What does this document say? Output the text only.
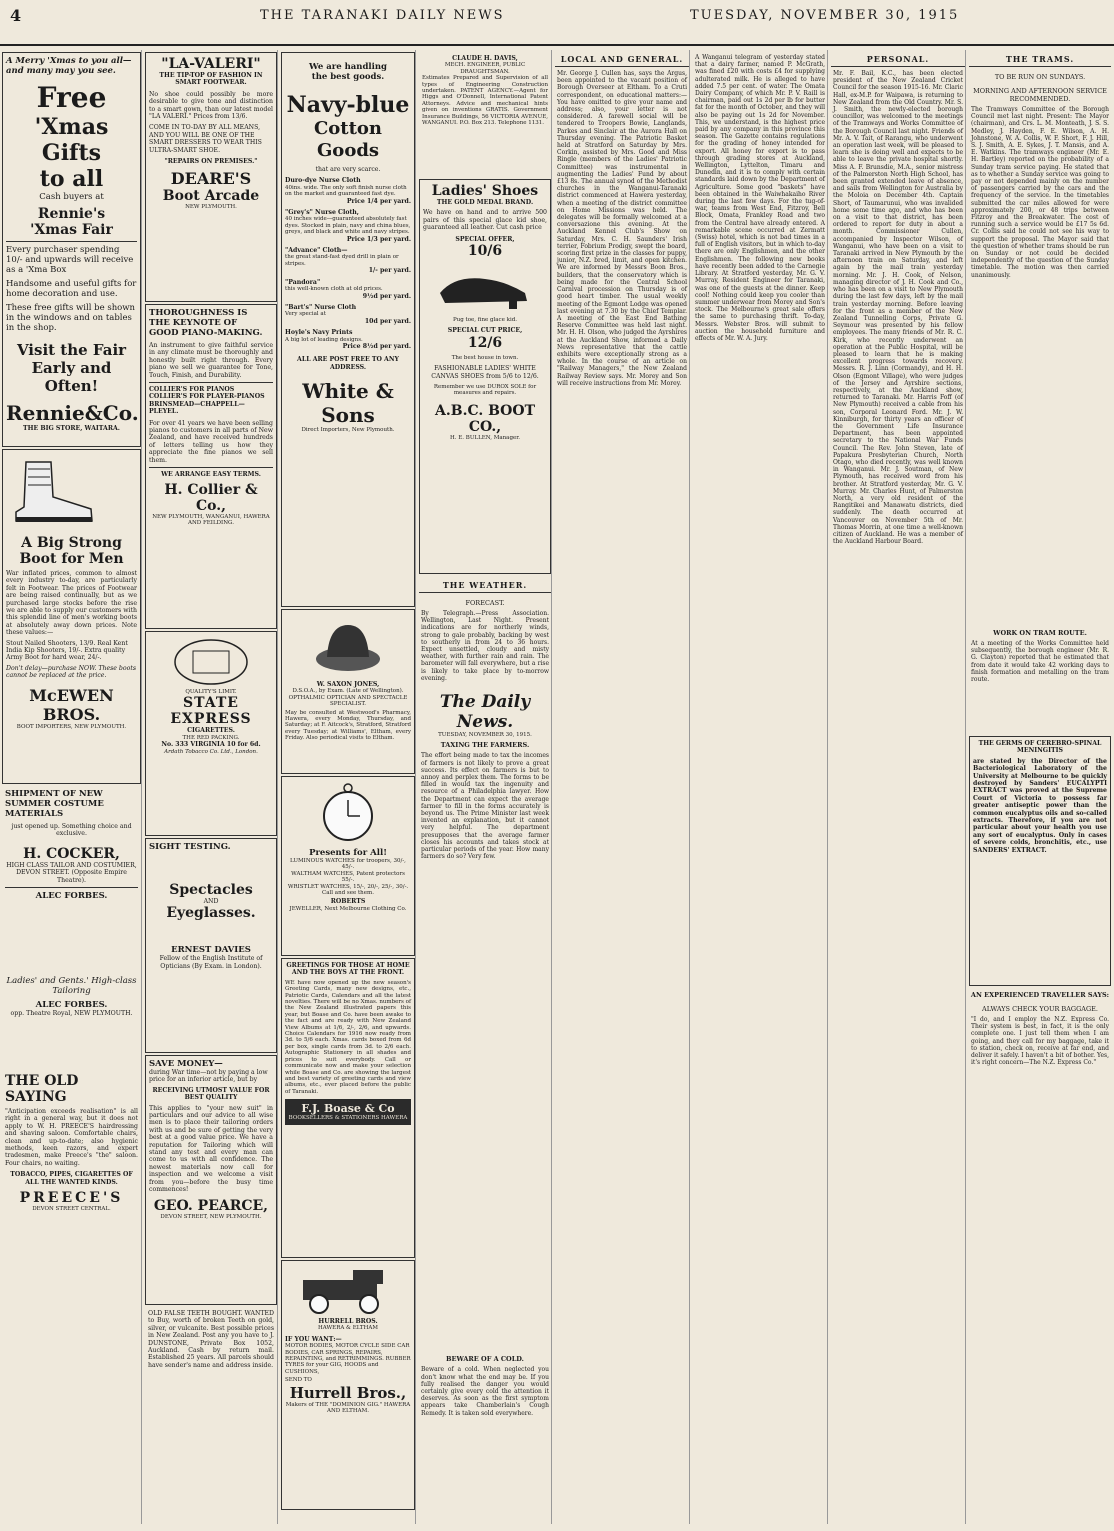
4	THE TARANAKI DAILY NEWS	TUESDAY, NOVEMBER 30, 1915
A Merry 'Xmas to you all—and many may you see.
Free
'Xmas Gifts
to all
Cash buyers at
Rennie's
'Xmas Fair
Every purchaser spending 10/- and upwards will receive as a 'Xma Box
Handsome and useful gifts for home decoration and use.
These free gifts will be shown in the windows and on tables in the shop.
Visit the Fair Early and Often!
Rennie&Co.
THE BIG STORE, WAITARA.
A Big Strong Boot for Men
War inflated prices, common to almost every industry to-day, are particularly felt in Footwear. The prices of Footwear are being raised continually, but as we purchased large stocks before the rise we are able to supply our customers with this splendid line of men's working boots at absolutely away down prices. Note these values:—
Stout Nailed Shooters, 13/9. Real Kent India Kip Shooters, 19/-. Extra quality Army Boot for hard wear, 24/-.
Don't delay—purchase NOW. These boots cannot be replaced at the price.
McEWEN BROS.
BOOT IMPORTERS, NEW PLYMOUTH.
SHIPMENT OF NEW SUMMER COSTUME MATERIALS
just opened up. Something choice and exclusive.
H. COCKER,
HIGH CLASS TAILOR AND COSTUMIER, DEVON STREET. (Opposite Empire Theatre).
ALEC FORBES.
Ladies' and Gents.' High-class Tailoring
ALEC FORBES.
opp. Theatre Royal, NEW PLYMOUTH.
THE OLD SAYING
"Anticipation exceeds realisation" is all right in a general way, but it does not apply to W. H. PREECE'S hairdressing and shaving saloon. Comfortable chairs, clean and up-to-date; also hygienic methods, keen razors, and expert tradesmen, make Preece's "the" saloon. Four chairs, no waiting.
TOBACCO, PIPES, CIGARETTES OF ALL THE WANTED KINDS.
PREECE'S
DEVON STREET CENTRAL.
"LA-VALERI"
THE TIP-TOP OF FASHION IN SMART FOOTWEAR.
No shoe could possibly be more desirable to give tone and distinction to a smart gown, than our latest model "LA VALERI." Prices from 13/6.
COME IN TO-DAY BY ALL MEANS, AND YOU WILL BE ONE OF THE SMART DRESSERS TO WEAR THIS ULTRA-SMART SHOE.
"REPAIRS ON PREMISES."
DEARE'S
Boot Arcade
NEW PLYMOUTH.
THOROUGHNESS IS
THE KEYNOTE OF
GOOD PIANO-MAKING.
An instrument to give faithful service in any climate must be thoroughly and honestly built right through. Every piano we sell we guarantee for Tone, Touch, Finish, and Durability.
COLLIER'S FOR PIANOS
COLLIER'S FOR PLAYER-PIANOS
BRINSMEAD—CHAPPELL—PLEYEL.
For over 41 years we have been selling pianos to customers in all parts of New Zealand, and have received hundreds of letters telling us how they appreciate the fine pianos we sell them.
WE ARRANGE EASY TERMS.
H. Collier & Co.,
NEW PLYMOUTH, WANGANUI, HAWERA AND FEILDING.
QUALITY'S LIMIT.
STATE EXPRESS
CIGARETTES.
THE RED PACKING.
No. 333 VIRGINIA 10 for 6d.
Ardath Tobacco Co. Ltd., London.
SIGHT TESTING.
Spectacles
AND
Eyeglasses.
ERNEST DAVIES
Fellow of the English Institute of Opticians (By Exam. in London).
SAVE MONEY—
during War time—not by paying a low price for an inferior article, but by
RECEIVING UTMOST VALUE FOR BEST QUALITY
This applies to "your new suit" in particulars and our advice to all wise men is to place their tailoring orders with us and be sure of getting the very best at a good value price. We have a reputation for Tailoring which will stand any test and every man can come to us with all confidence. The newest materials now call for inspection and we welcome a visit from you—before the busy time commences!
GEO. PEARCE,
DEVON STREET, NEW PLYMOUTH.
OLD FALSE TEETH BOUGHT. WANTED to Buy, worth of broken Teeth on gold, silver, or vulcanite. Best possible prices in New Zealand. Post any you have to J. DUNSTONE, Private Box 1052, Auckland. Cash by return mail. Established 25 years. All parcels should have sender's name and address inside.
We are handling
the best goods.
Navy-blue
Cotton Goods
that are very scarce.
Duro-dye Nurse Cloth
40ins. wide. The only soft finish nurse cloth on the market and guaranteed fast dye.
Price 1/4 per yard.
"Grey's" Nurse Cloth,
40 inches wide—guaranteed absolutely fast dyes. Stocked in plain, navy and china blues, greys, and black and white and navy stripes.
Price 1/3 per yard.
"Advance" Cloth—
the great stand-fast dyed drill in plain or stripes.
1/- per yard.
"Pandora"
this well-known cloth at old prices.
9½d per yard.
"Bart's" Nurse Cloth
Very special at
10d per yard.
Hoyle's Navy Prints
A big lot of leading designs.
Price 8½d per yard.
ALL ARE POST FREE TO ANY ADDRESS.
White & Sons
Direct Importers, New Plymouth.
W. SAXON JONES,
D.S.O.A., by Exam. (Late of Wellington). OPTHALMIC OPTICIAN AND SPECTACLE SPECIALIST.
May be consulted at Westwood's Pharmacy, Hawera, every Monday, Thursday, and Saturday; at F. Aitcock's, Stratford, Stratford every Tuesday; at Williams', Eltham, every Friday. Also periodical visits to Eltham.
Presents for All!
LUMINOUS WATCHES for troopers, 30/-, 45/-.
WALTHAM WATCHES, Patent protectors 55/-.
WRISTLET WATCHES, 15/-, 20/-, 25/-, 30/-.
Call and see them.
ROBERTS
JEWELLER, Next Melbourne Clothing Co.
GREETINGS FOR THOSE AT HOME AND THE BOYS AT THE FRONT.
WE have now opened up the new season's Greeting Cards, many new designs, etc., Patriotic Cards, Calendars and all the latest novelties. There will be no Xmas. numbers of the New Zealand illustrated papers this year, but Boase and Co. have been awake to the fact and are ready with New Zealand View Albums at 1/6, 2/-, 2/6, and upwards. Choice Calendars for 1916 now ready from 3d. to 5/6 each. Xmas. cards boxed from 6d per box, single cards from 3d. to 2/6 each. Autographic Stationery in all shades and prices to suit everybody. Call or communicate now and make your selection while Boase and Co. are showing the largest and best variety of greeting cards and view albums, etc., ever placed before the public of Taranaki.
F.J. Boase & Co
BOOKSELLERS & STATIONERS HAWERA
HURRELL BROS.
HAWERA & ELTHAM
IF YOU WANT:—
MOTOR BODIES, MOTOR CYCLE SIDE CAR BODIES, CAR SPRINGS, REPAIRS, REPAINTING, and RETRIMMINGS. RUBBER TYRES for your GIG, HOODS and CUSHIONS,
SEND TO
Hurrell Bros.,
Makers of THE "DOMINION GIG." HAWERA AND ELTHAM.
CLAUDE H. DAVIS,
MECH. ENGINEER, PUBLIC DRAUGHTSMAN.
Estimates Prepared and Supervision of all types of Engineering Construction undertaken. PATENT AGENCY.—Agent for Higgs and O'Donnell, International Patent Attorneys. Advice and mechanical hints given on inventions GRATIS. Government Insurance Buildings, 56 VICTORIA AVENUE, WANGANUI. P.O. Box 213. Telephone 1131.
Ladies' Shoes
THE GOLD MEDAL BRAND.
We have on hand and to arrive 500 pairs of this special glace kid shoe, guaranteed all leather. Cut cash price
SPECIAL OFFER,
10/6
Pug toe, fine glace kid.
SPECIAL CUT PRICE,
12/6
The best house in town.
FASHIONABLE LADIES' WHITE CANVAS SHOES from 5/6 to 12/6.
Remember we use DUROX SOLE for measures and repairs.
A.B.C. BOOT CO.,
H. E. BULLEN, Manager.
THE WEATHER.
FORECAST.
By Telegraph.—Press Association. Wellington, Last Night. Present indications are for northerly winds, strong to gale probably, backing by west to southerly in from 24 to 36 hours. Expect unsettled, cloudy and misty weather, with further rain and rain. The barometer will fall everywhere, but a rise is likely to take place by to-morrow evening.
The Daily News.
TUESDAY, NOVEMBER 30, 1915.
TAXING THE FARMERS.
The effort being made to tax the incomes of farmers is not likely to prove a great success. Its effect on farmers is but to annoy and perplex them. The forms to be filled in would tax the ingenuity and resource of a Philadelphia lawyer. How the Department can expect the average farmer to fill in the forms accurately is beyond us. The Prime Minister last week invented an explanation, but it cannot very helpful. The department presupposes that the average farmer closes his accounts and takes stock at particular periods of the year. How many farmers do so? Very few.
BEWARE OF A COLD.
Beware of a cold. When neglected you don't know what the end may be. If you fully realised the danger you would certainly give every cold the attention it deserves. As soon as the first symptom appears take Chamberlain's Cough Remedy. It is taken sold everywhere.
LOCAL AND GENERAL.
Mr. George J. Cullen has, says the Argus, been appointed to the vacant position of Borough Overseer at Eltham. To a Cruti correspondent, on educational matters:—You have omitted to give your name and address; also, your letter is not considered. A farewell social will be tendered to Troopers Bowie, Langlands, Parkes and Sinclair at the Aurora Hall on Thursday evening. The Patriotic Basket held at Stratford on Saturday by Mrs. Corkin, assisted by Mrs. Good and Miss Ringle (members of the Ladies' Patriotic Committee) was instrumental in augmenting the Ladies' Fund by about £13 8s. The annual synod of the Methodist churches in the Wanganui-Taranaki district commenced at Hawera yesterday, when a meeting of the district committee on Home Missions was held. The delegates will be formally welcomed at a conversazione this evening. At the Auckland Kennel Club's Show on Saturday, Mrs. C. H. Saunders' Irish terrier, Fobrium Prodigy, swept the board, scoring first prize in the classes for puppy, junior, N.Z. bred, limit, and open kitchen. We are informed by Messrs Boon Bros., builders, that the conservatory which is being made for the Central School Carnival procession on Thursday is of good heart timber. The usual weekly meeting of the Egmont Lodge was opened last evening at 7.30 by the Chief Templar. A meeting of the East End Bathing Reserve Committee was held last night. Mr. H. H. Olson, who judged the Ayrshires at the Auckland Show, informed a Daily News representative that the cattle exhibits were exceptionally strong as a whole. In the course of an article on "Railway Managers," the New Zealand Railway Review says. Mr. Morey and Son will receive instructions from Mr. Morey.
A Wanganui telegram of yesterday stated that a dairy farmer, named P. McGrath, was fined £20 with costs £4 for supplying adulterated milk. He is alleged to have added 7.5 per cent. of water. The Omata Dairy Company, of which Mr. P. V. Raill is chairman, paid out 1s 2d per lb for butter fat for the month of October, and they will also be paying out 1s 2d for November. This, we understand, is the highest price paid by any company in this province this season. The Gazette contains regulations for the grading of honey intended for export. All honey for export is to pass through grading stores at Auckland, Wellington, Lyttelton, Timaru and Dunedin, and it is to comply with certain standards laid down by the Department of Agriculture. Some good "baskets" have been obtained in the Waiwhakaiho River during the last few days. For the tug-of-war, teams from West End, Fitzroy, Bell Block, Omata, Frankley Road and two from the Central have already entered. A remarkable scene occurred at Zermatt (Swiss) hotel, which is not bad times in a full of English visitors, but in which to-day there are only Englishmen, and the other Englishmen. The following new books have recently been added to the Carnegie Library. At Stratford yesterday, Mr. G. V. Murray, Resident Engineer for Taranaki, was one of the guests at the dinner. Keep cool! Nothing could keep you cooler than summer underwear from Morey and Son's stock. The Melbourne's great sale offers the same to purchasing thrift. To-day, Messrs. Webster Bros. will submit to auction the household furniture and effects of Mr. W. A. Jury.
PERSONAL.
Mr. F. Bail, K.C., has been elected president of the New Zealand Cricket Council for the season 1915-16. Mr. Claric Hall, ex-M.P. for Waipawa, is returning to New Zealand from the Old Country. Mr. S. J. Smith, the newly-elected borough councillor, was welcomed to the meetings of the Tramways and Works Committee of the Borough Council last night. Friends of Mr. A. V. Tait, of Rarangu, who underwent an operation last week, will be pleased to learn she is doing well and expects to be able to leave the private hospital shortly. Miss A. F. Brunsdie, M.A., senior mistress of the Palmerston North High School, has been granted extended leave of absence, and sails from Wellington for Australia by the Moloia on December 4th. Captain Short, of Taumarunui, who was invalided home some time ago, and who has been on a visit to that district, has been ordered to report for duty in about a month. Commissioner Cullen, accompanied by Inspector Wilson, of Wanganui, who have been on a visit to Taranaki arrived in New Plymouth by the afternoon train on Saturday, and left again by the mail train yesterday morning. Mr. J. H. Cook, of Nelson, managing director of J. H. Cook and Co., who has been on a visit to New Plymouth during the last few days, left by the mail train yesterday morning. Before leaving for the front as a member of the New Zealand Tunnelling Corps, Private G. Seymour was presented by his fellow employees. The many friends of Mr. R. C. Kirk, who recently underwent an operation at the Public Hospital, will be pleased to learn that he is making excellent progress towards recovery. Messrs. R. J. Linn (Cormandy), and H. H. Olson (Egmont Village), who were judges of the Jersey and Ayrshire sections, respectively, at the Auckland show, returned to Taranaki. Mr. Harris Foff (of New Plymouth) received a cable from his son, Corporal Leonard Ford. Mr. J. W. Kinniburgh, for thirty years an officer of the Government Life Insurance Department, has been appointed secretary to the National War Funds Council. The Rev. John Steven, late of Papakura Presbyterian Church, North Otago, who died recently, was well known in Wanganui. Mr. J. Soutman, of New Plymouth, has received word from his brother. At Stratford yesterday, Mr. G. V. Murray. Mr. Charles Hunt, of Palmerston North, a very old resident of the Rangitikei and Manawatu districts, died suddenly. The death occurred at Vancouver on November 5th of Mr. Thomas Morrin, at one time a well-known citizen of Auckland. He was a member of the Auckland Harbour Board.
THE TRAMS.
TO BE RUN ON SUNDAYS.
MORNING AND AFTERNOON SERVICE RECOMMENDED.
The Tramways Committee of the Borough Council met last night. Present: The Mayor (chairman), and Crs. L. M. Monteath, J. S. S. Medley, J. Hayden, F. E. Wilson, A. H. Johnstone, W. A. Collis, W. F. Short, F. J. Hill, S. J. Smith, A. E. Sykes, J. T. Mansis, and A. E. Watkins. The tramways engineer (Mr. E. H. Bartley) reported on the probability of a Sunday tram service paying. He stated that as to whether a Sunday service was going to pay or not depended mainly on the number of passengers carried by the cars and the frequency of the service. In the timetables submitted the car miles allowed for were approximately 200, or 48 trips between Fitzroy and the Breakwater. The cost of running such a service would be £17 5s 6d. Cr. Collis said he could not see his way to support the proposal. The Mayor said that the question of whether trams should be run on Sunday or not could be decided independently of the question of the Sunday timetable. The motion was then carried unanimously.
WORK ON TRAM ROUTE.
At a meeting of the Works Committee held subsequently, the borough engineer (Mr. R. G. Clayton) reported that he estimated that from date it would take 42 working days to finish formation and metalling on the tram route.
THE GERMS OF CEREBRO-SPINAL MENINGITIS
are stated by the Director of the Bacteriological Laboratory of the University at Melbourne to be quickly destroyed by Sanders' EUCALYPTI EXTRACT was proved at the Supreme Court of Victoria to possess far greater antiseptic power than the common eucalyptus oils and so-called extracts. Therefore, if you are not particular about your health you use any sort of eucalyptus. Only in cases of severe colds, bronchitis, etc., use SANDERS' EXTRACT.
AN EXPERIENCED TRAVELLER SAYS:
ALWAYS CHECK YOUR BAGGAGE.
"I do, and I employ the N.Z. Express Co. Their system is best, in fact, it is the only complete one. I just tell them when I am going, and they call for my baggage, take it to station, check on, receive at far end, and deliver it safely. I haven't a bit of bother. Yes, it's right concern—The N.Z. Express Co."
